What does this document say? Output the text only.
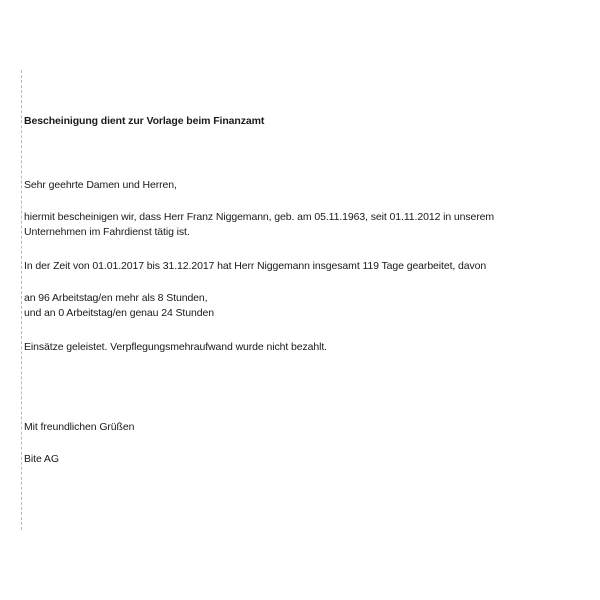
Bescheinigung dient zur Vorlage beim Finanzamt
Sehr geehrte Damen und Herren,
hiermit bescheinigen wir, dass Herr Franz Niggemann, geb. am 05.11.1963, seit 01.11.2012 in unserem
Unternehmen im Fahrdienst tätig ist.
In der Zeit von 01.01.2017 bis 31.12.2017 hat Herr Niggemann insgesamt 119 Tage gearbeitet, davon
an 96 Arbeitstag/en mehr als 8 Stunden,
und an 0 Arbeitstag/en genau 24 Stunden
Einsätze geleistet. Verpflegungsmehraufwand wurde nicht bezahlt.
Mit freundlichen Grüßen
Bite AG
